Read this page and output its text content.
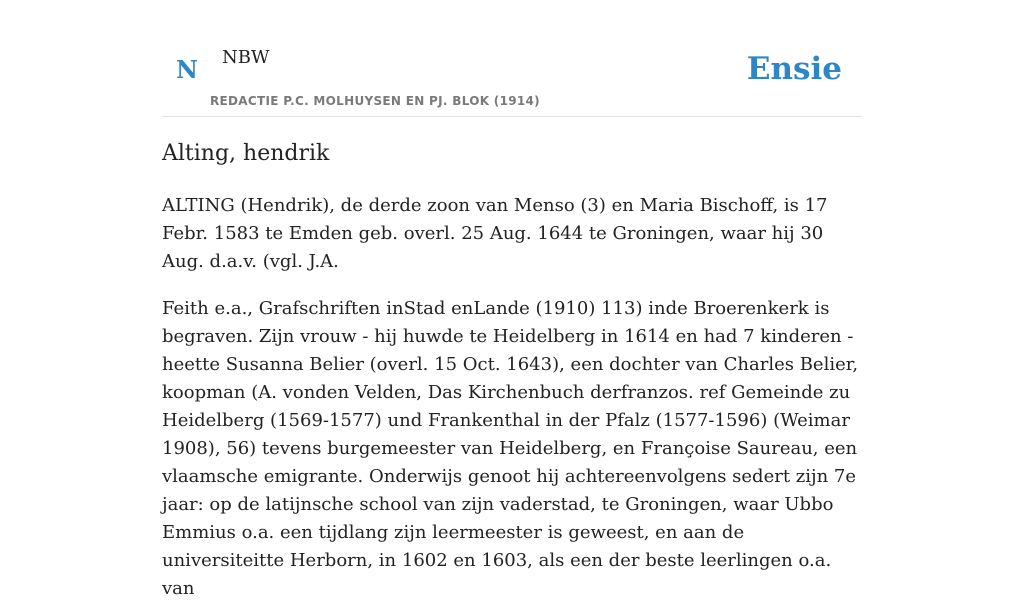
N NBW
REDACTIE P.C. MOLHUYSEN EN PJ. BLOK (1914)
Ensie
Alting, hendrik

ALTING (Hendrik), de derde zoon van Menso (3) en Maria Bischoff, is 17 Febr. 1583 te Emden geb. overl. 25 Aug. 1644 te Groningen, waar hij 30 Aug. d.a.v. (vgl. J.A.

Feith e.a., Grafschriften inStad enLande (1910) 113) inde Broerenkerk is begraven. Zijn vrouw - hij huwde te Heidelberg in 1614 en had 7 kinderen - heette Susanna Belier (overl. 15 Oct. 1643), een dochter van Charles Belier, koopman (A. vonden Velden, Das Kirchenbuch derfranzos. ref Gemeinde zu Heidelberg (1569-1577) und Frankenthal in der Pfalz (1577-1596) (Weimar 1908), 56) tevens burgemeester van Heidelberg, en Françoise Saureau, een vlaamsche emigrante. Onderwijs genoot hij achtereenvolgens sedert zijn 7e jaar: op de latijnsche school van zijn vaderstad, te Groningen, waar Ubbo Emmius o.a. een tijdlang zijn leermeester is geweest, en aan de universiteitte Herborn, in 1602 en 1603, als een der beste leerlingen o.a. van
